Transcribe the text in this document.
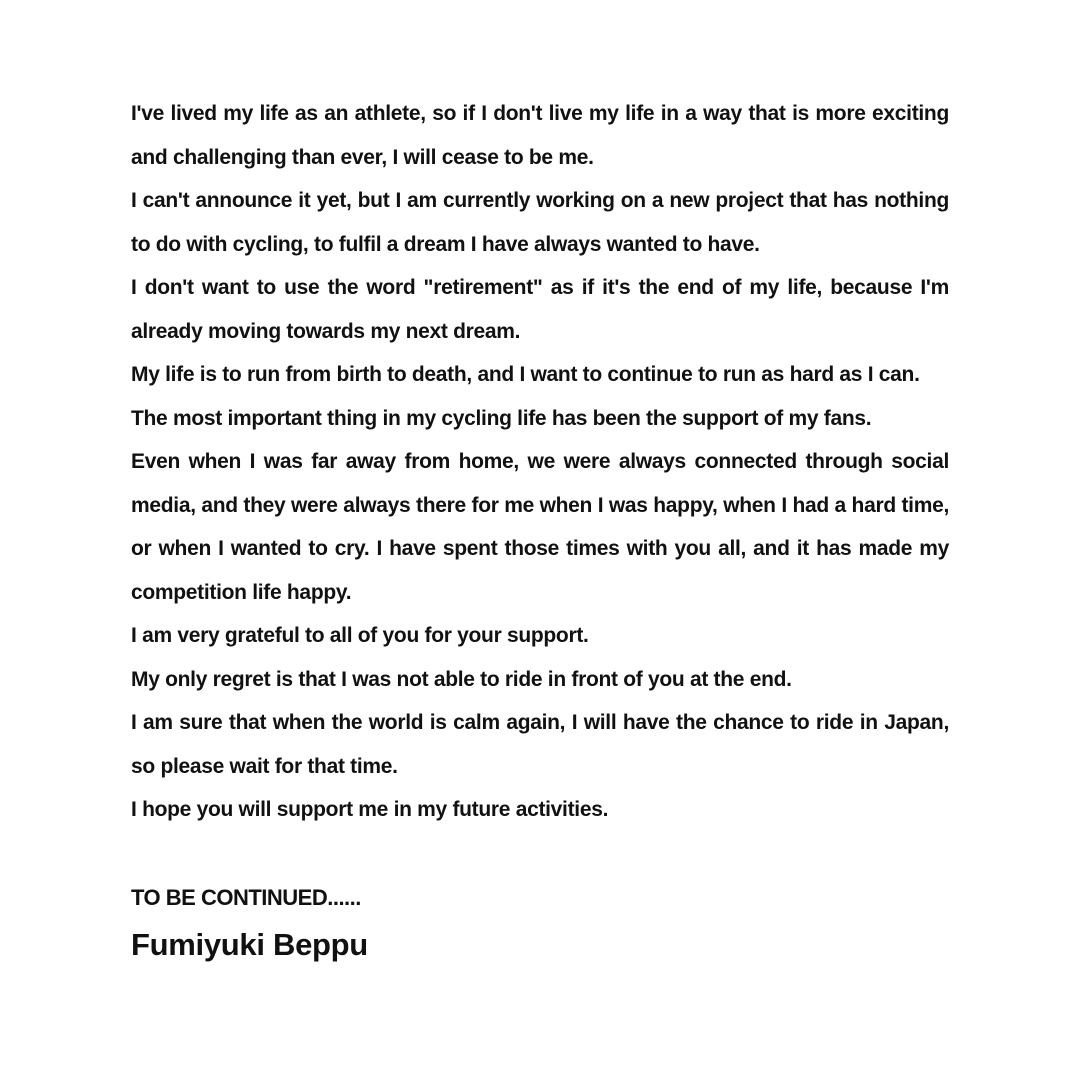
I've lived my life as an athlete, so if I don't live my life in a way that is more exciting and challenging than ever, I will cease to be me.

I can't announce it yet, but I am currently working on a new project that has nothing to do with cycling, to fulfil a dream I have always wanted to have.

I don't want to use the word "retirement" as if it's the end of my life, because I'm already moving towards my next dream.

My life is to run from birth to death, and I want to continue to run as hard as I can.

The most important thing in my cycling life has been the support of my fans.

Even when I was far away from home, we were always connected through social media, and they were always there for me when I was happy, when I had a hard time, or when I wanted to cry. I have spent those times with you all, and it has made my competition life happy.

I am very grateful to all of you for your support.

My only regret is that I was not able to ride in front of you at the end.

I am sure that when the world is calm again, I will have the chance to ride in Japan, so please wait for that time.

I hope you will support me in my future activities.

TO BE CONTINUED......

Fumiyuki Beppu
